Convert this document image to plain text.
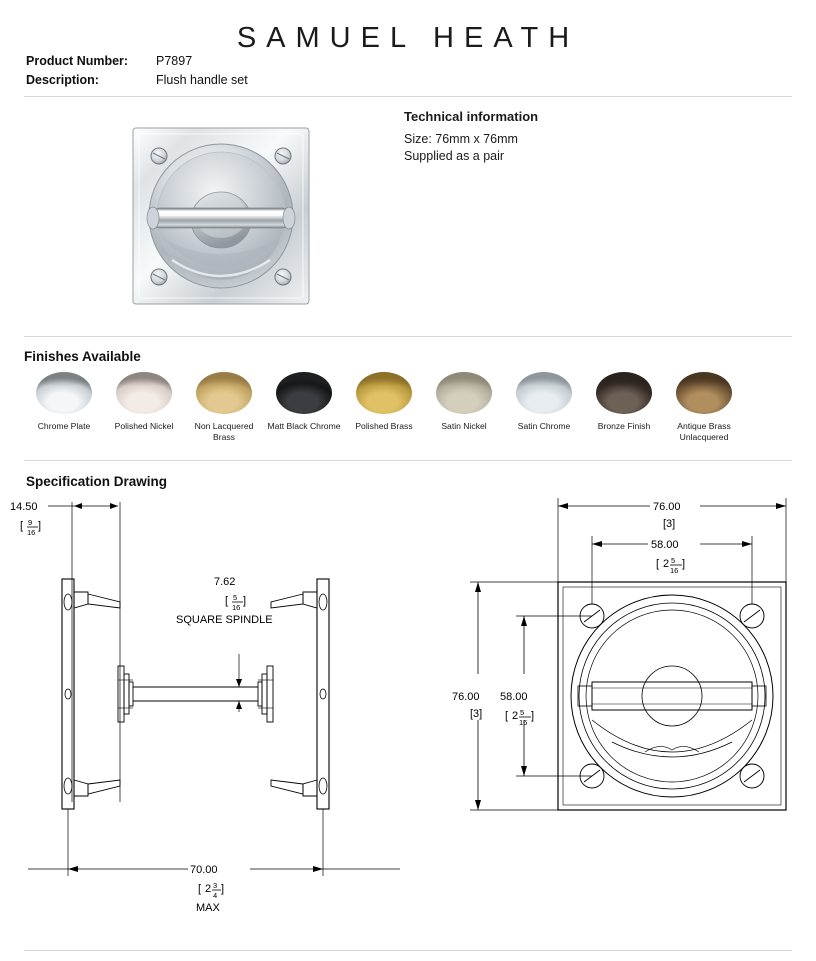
SAMUEL HEATH
Product Number:	P7897
Description:	Flush handle set
Technical information
Size: 76mm x 76mm
Supplied as a pair
Finishes Available
Chrome Plate	Polished Nickel	Non Lacquered Brass
Matt Black Chrome	Polished Brass	Satin Nickel	Satin Chrome	Bronze Finish	Antique Brass Unlacquered
Specification Drawing
14.50
[ 9
16
]
7.62
[ 5
16
]
SQUARE SPINDLE
70.00
[ 2 3
4
]
MAX
76.00
[3]
58.00
[ 2 5
16
]
76.00
[3]
58.00
[ 2 5
16
]
